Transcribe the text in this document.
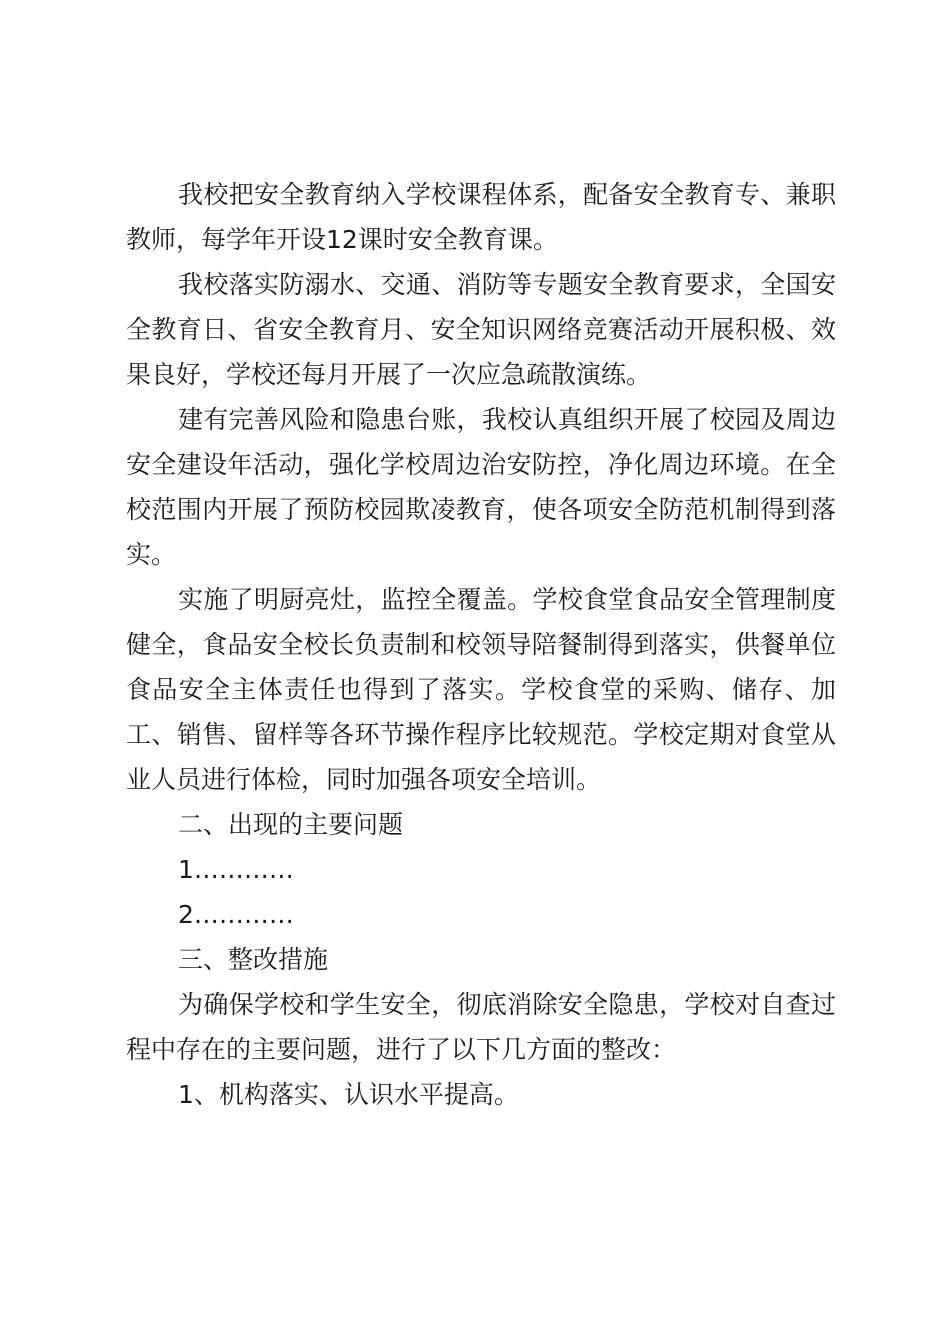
我校把安全教育纳入学校课程体系，配备安全教育专、兼职教师，每学年开设12课时安全教育课。

我校落实防溺水、交通、消防等专题安全教育要求，全国安全教育日、省安全教育月、安全知识网络竞赛活动开展积极、效果良好，学校还每月开展了一次应急疏散演练。

建有完善风险和隐患台账，我校认真组织开展了校园及周边安全建设年活动，强化学校周边治安防控，净化周边环境。在全校范围内开展了预防校园欺凌教育，使各项安全防范机制得到落实。

实施了明厨亮灶，监控全覆盖。学校食堂食品安全管理制度健全，食品安全校长负责制和校领导陪餐制得到落实，供餐单位食品安全主体责任也得到了落实。学校食堂的采购、储存、加工、销售、留样等各环节操作程序比较规范。学校定期对食堂从业人员进行体检，同时加强各项安全培训。

二、出现的主要问题

1…………

2…………

三、整改措施

为确保学校和学生安全，彻底消除安全隐患，学校对自查过程中存在的主要问题，进行了以下几方面的整改：

1、机构落实、认识水平提高。
